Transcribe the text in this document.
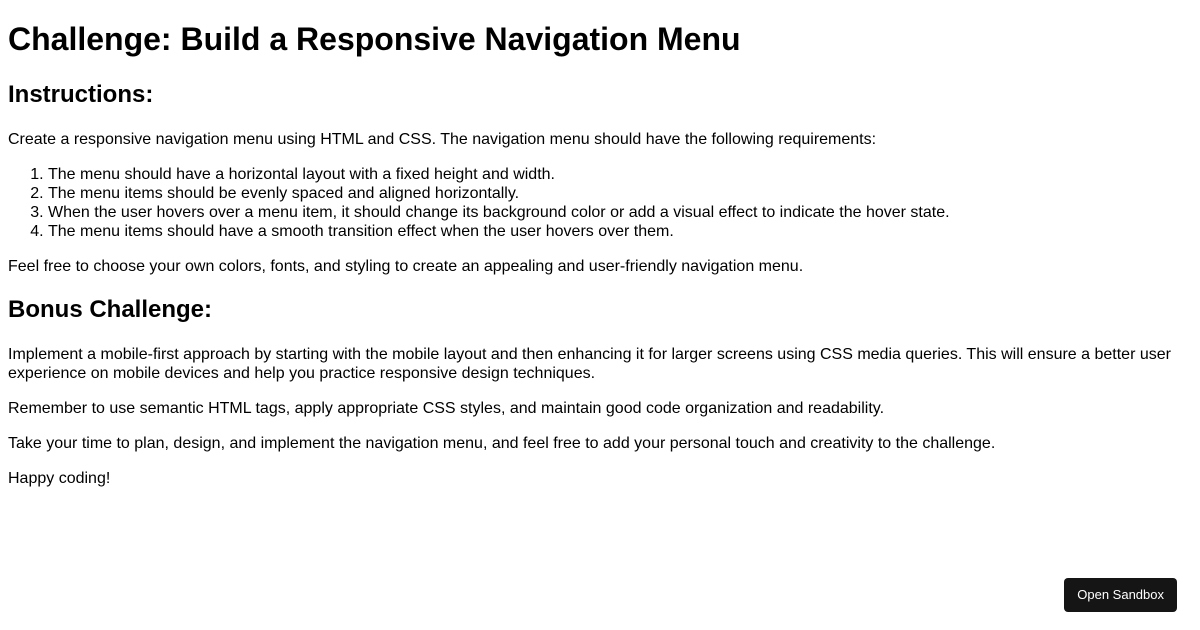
Challenge: Build a Responsive Navigation Menu
Instructions:

Create a responsive navigation menu using HTML and CSS. The navigation menu should have the following requirements:

1. The menu should have a horizontal layout with a fixed height and width.
2. The menu items should be evenly spaced and aligned horizontally.
3. When the user hovers over a menu item, it should change its background color or add a visual effect to indicate the hover state.
4. The menu items should have a smooth transition effect when the user hovers over them.

Feel free to choose your own colors, fonts, and styling to create an appealing and user-friendly navigation menu.

Bonus Challenge:

Implement a mobile-first approach by starting with the mobile layout and then enhancing it for larger screens using CSS media queries. This will ensure a better user experience on mobile devices and help you practice responsive design techniques.

Remember to use semantic HTML tags, apply appropriate CSS styles, and maintain good code organization and readability.

Take your time to plan, design, and implement the navigation menu, and feel free to add your personal touch and creativity to the challenge.

Happy coding!

Open Sandbox
